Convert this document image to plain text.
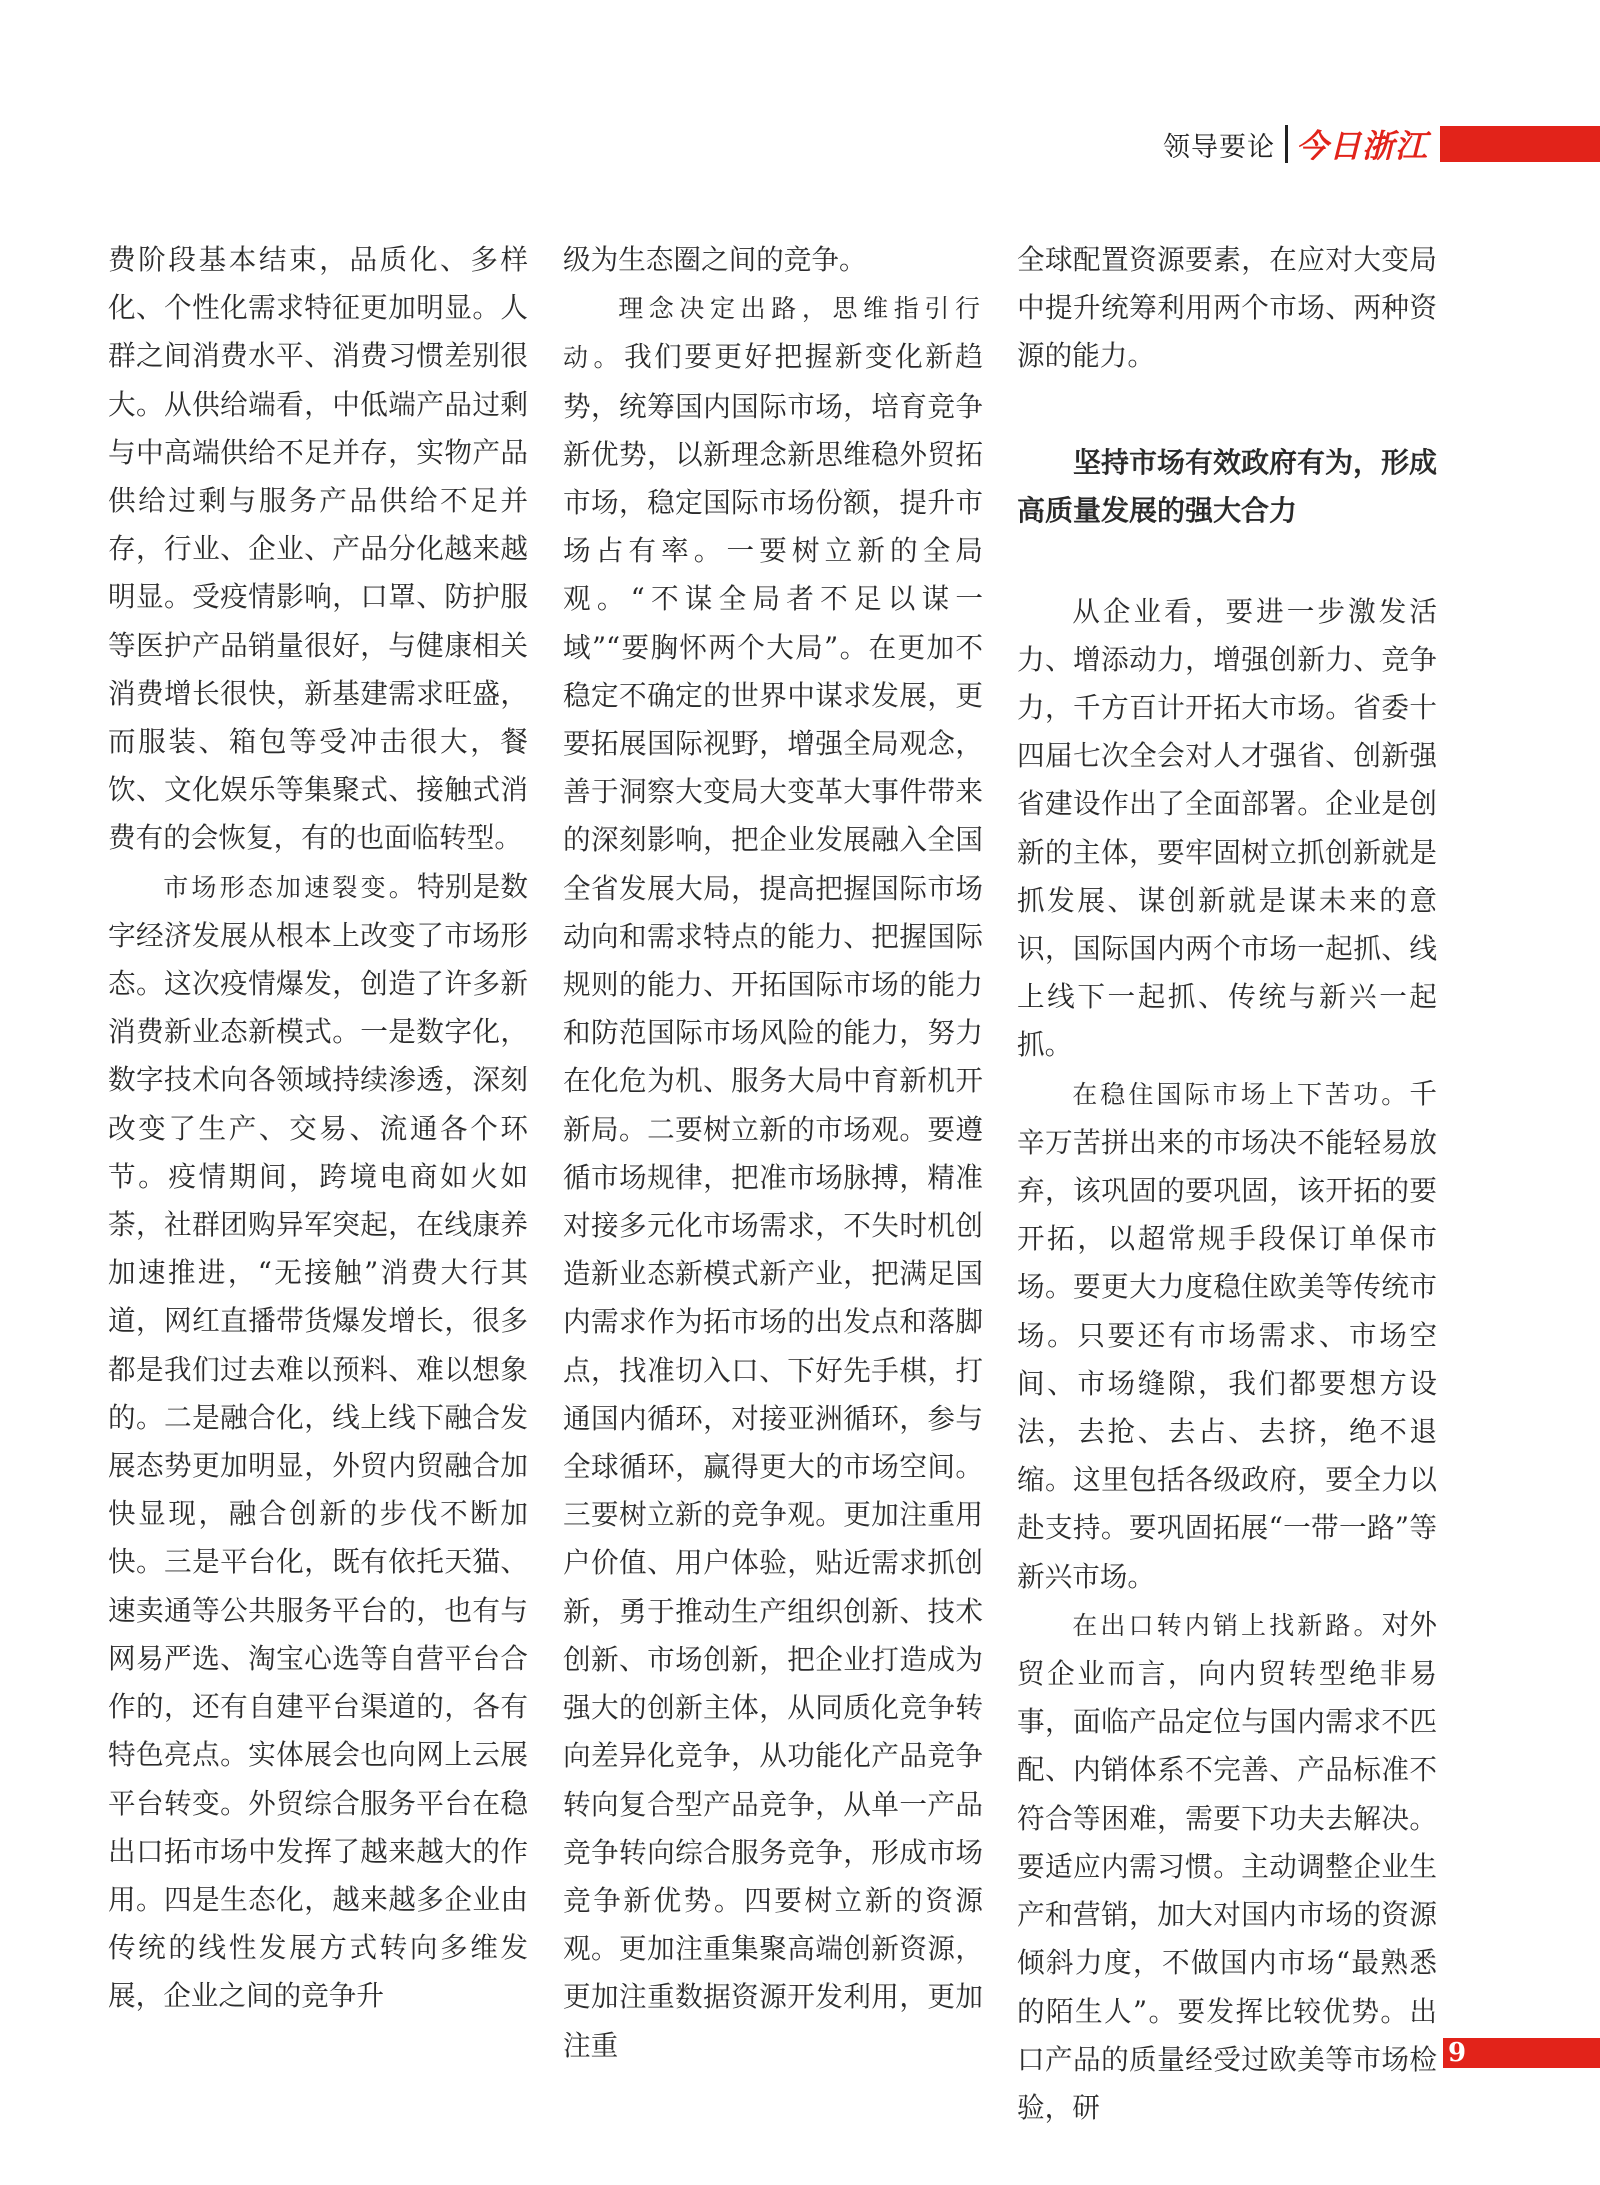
领导要论 今日浙江

费阶段基本结束，品质化、多样化、个性化需求特征更加明显。人群之间消费水平、消费习惯差别很大。从供给端看，中低端产品过剩与中高端供给不足并存，实物产品供给过剩与服务产品供给不足并存，行业、企业、产品分化越来越明显。受疫情影响，口罩、防护服等医护产品销量很好，与健康相关消费增长很快，新基建需求旺盛，而服装、箱包等受冲击很大，餐饮、文化娱乐等集聚式、接触式消费有的会恢复，有的也面临转型。

市场形态加速裂变。特别是数字经济发展从根本上改变了市场形态。这次疫情爆发，创造了许多新消费新业态新模式。一是数字化，数字技术向各领域持续渗透，深刻改变了生产、交易、流通各个环节。疫情期间，跨境电商如火如荼，社群团购异军突起，在线康养加速推进，“无接触”消费大行其道，网红直播带货爆发增长，很多都是我们过去难以预料、难以想象的。二是融合化，线上线下融合发展态势更加明显，外贸内贸融合加快显现，融合创新的步伐不断加快。三是平台化，既有依托天猫、速卖通等公共服务平台的，也有与网易严选、淘宝心选等自营平台合作的，还有自建平台渠道的，各有特色亮点。实体展会也向网上云展平台转变。外贸综合服务平台在稳出口拓市场中发挥了越来越大的作用。四是生态化，越来越多企业由传统的线性发展方式转向多维发展，企业之间的竞争升

级为生态圈之间的竞争。

理念决定出路，思维指引行动。我们要更好把握新变化新趋势，统筹国内国际市场，培育竞争新优势，以新理念新思维稳外贸拓市场，稳定国际市场份额，提升市场占有率。一要树立新的全局观。“不谋全局者不足以谋一域”“要胸怀两个大局”。在更加不稳定不确定的世界中谋求发展，更要拓展国际视野，增强全局观念，善于洞察大变局大变革大事件带来的深刻影响，把企业发展融入全国全省发展大局，提高把握国际市场动向和需求特点的能力、把握国际规则的能力、开拓国际市场的能力和防范国际市场风险的能力，努力在化危为机、服务大局中育新机开新局。二要树立新的市场观。要遵循市场规律，把准市场脉搏，精准对接多元化市场需求，不失时机创造新业态新模式新产业，把满足国内需求作为拓市场的出发点和落脚点，找准切入口、下好先手棋，打通国内循环，对接亚洲循环，参与全球循环，赢得更大的市场空间。三要树立新的竞争观。更加注重用户价值、用户体验，贴近需求抓创新，勇于推动生产组织创新、技术创新、市场创新，把企业打造成为强大的创新主体，从同质化竞争转向差异化竞争，从功能化产品竞争转向复合型产品竞争，从单一产品竞争转向综合服务竞争，形成市场竞争新优势。四要树立新的资源观。更加注重集聚高端创新资源，更加注重数据资源开发利用，更加注重

全球配置资源要素，在应对大变局中提升统筹利用两个市场、两种资源的能力。

坚持市场有效政府有为，形成高质量发展的强大合力

从企业看，要进一步激发活力、增添动力，增强创新力、竞争力，千方百计开拓大市场。省委十四届七次全会对人才强省、创新强省建设作出了全面部署。企业是创新的主体，要牢固树立抓创新就是抓发展、谋创新就是谋未来的意识，国际国内两个市场一起抓、线上线下一起抓、传统与新兴一起抓。

在稳住国际市场上下苦功。千辛万苦拼出来的市场决不能轻易放弃，该巩固的要巩固，该开拓的要开拓，以超常规手段保订单保市场。要更大力度稳住欧美等传统市场。只要还有市场需求、市场空间、市场缝隙，我们都要想方设法，去抢、去占、去挤，绝不退缩。这里包括各级政府，要全力以赴支持。要巩固拓展“一带一路”等新兴市场。

在出口转内销上找新路。对外贸企业而言，向内贸转型绝非易事，面临产品定位与国内需求不匹配、内销体系不完善、产品标准不符合等困难，需要下功夫去解决。要适应内需习惯。主动调整企业生产和营销，加大对国内市场的资源倾斜力度，不做国内市场“最熟悉的陌生人”。要发挥比较优势。出口产品的质量经受过欧美等市场检验，研

9
